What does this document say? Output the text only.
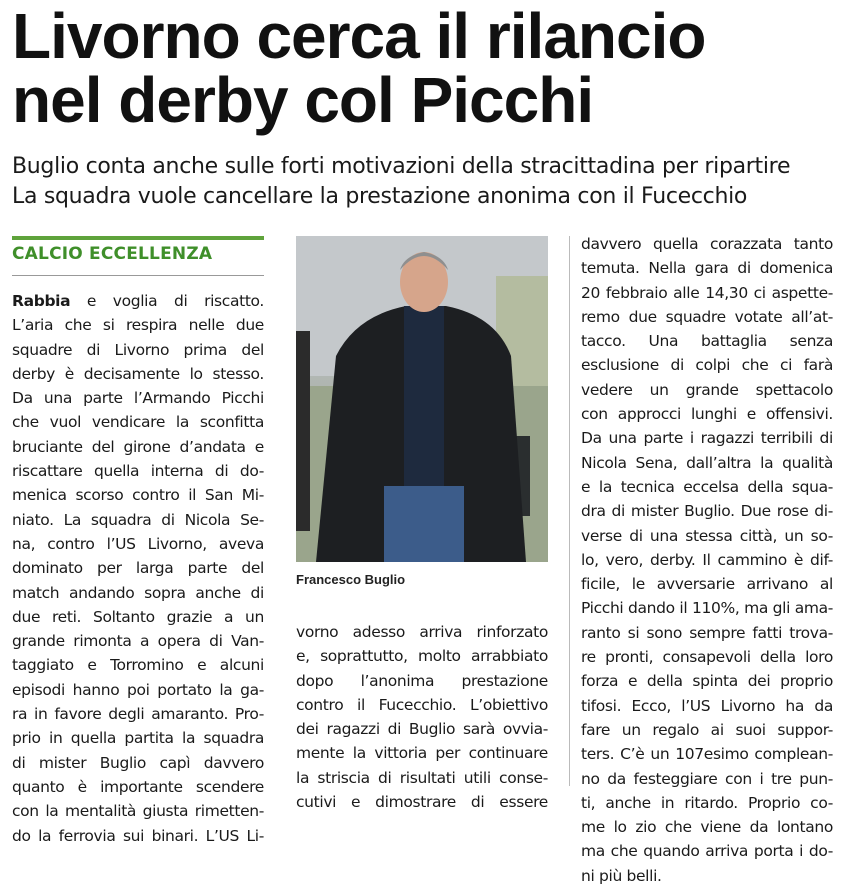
Livorno cerca il rilancio
nel derby col Picchi
Buglio conta anche sulle forti motivazioni della stracittadina per ripartire
La squadra vuole cancellare la prestazione anonima con il Fucecchio
CALCIO ECCELLENZA
Rabbia e voglia di riscatto.
L’aria che si respira nelle due
squadre di Livorno prima del
derby è decisamente lo stesso.
Da una parte l’Armando Picchi
che vuol vendicare la sconfitta
bruciante del girone d’andata e
riscattare quella interna di do-
menica scorso contro il San Mi-
niato. La squadra di Nicola Se-
na, contro l’US Livorno, aveva
dominato per larga parte del
match andando sopra anche di
due reti. Soltanto grazie a un
grande rimonta a opera di Van-
taggiato e Torromino e alcuni
episodi hanno poi portato la ga-
ra in favore degli amaranto. Pro-
prio in quella partita la squadra
di mister Buglio capì davvero
quanto è importante scendere
con la mentalità giusta rimetten-
do la ferrovia sui binari. L’US Li-
Francesco Buglio
vorno adesso arriva rinforzato
e, soprattutto, molto arrabbiato
dopo l’anonima prestazione
contro il Fucecchio. L’obiettivo
dei ragazzi di Buglio sarà ovvia-
mente la vittoria per continuare
la striscia di risultati utili conse-
cutivi e dimostrare di essere
davvero quella corazzata tanto
temuta. Nella gara di domenica
20 febbraio alle 14,30 ci aspette-
remo due squadre votate all’at-
tacco. Una battaglia senza
esclusione di colpi che ci farà
vedere un grande spettacolo
con approcci lunghi e offensivi.
Da una parte i ragazzi terribili di
Nicola Sena, dall’altra la qualità
e la tecnica eccelsa della squa-
dra di mister Buglio. Due rose di-
verse di una stessa città, un so-
lo, vero, derby. Il cammino è dif-
ficile, le avversarie arrivano al
Picchi dando il 110%, ma gli ama-
ranto si sono sempre fatti trova-
re pronti, consapevoli della loro
forza e della spinta dei proprio
tifosi. Ecco, l’US Livorno ha da
fare un regalo ai suoi suppor-
ters. C’è un 107esimo complean-
no da festeggiare con i tre pun-
ti, anche in ritardo. Proprio co-
me lo zio che viene da lontano
ma che quando arriva porta i do-
ni più belli.
